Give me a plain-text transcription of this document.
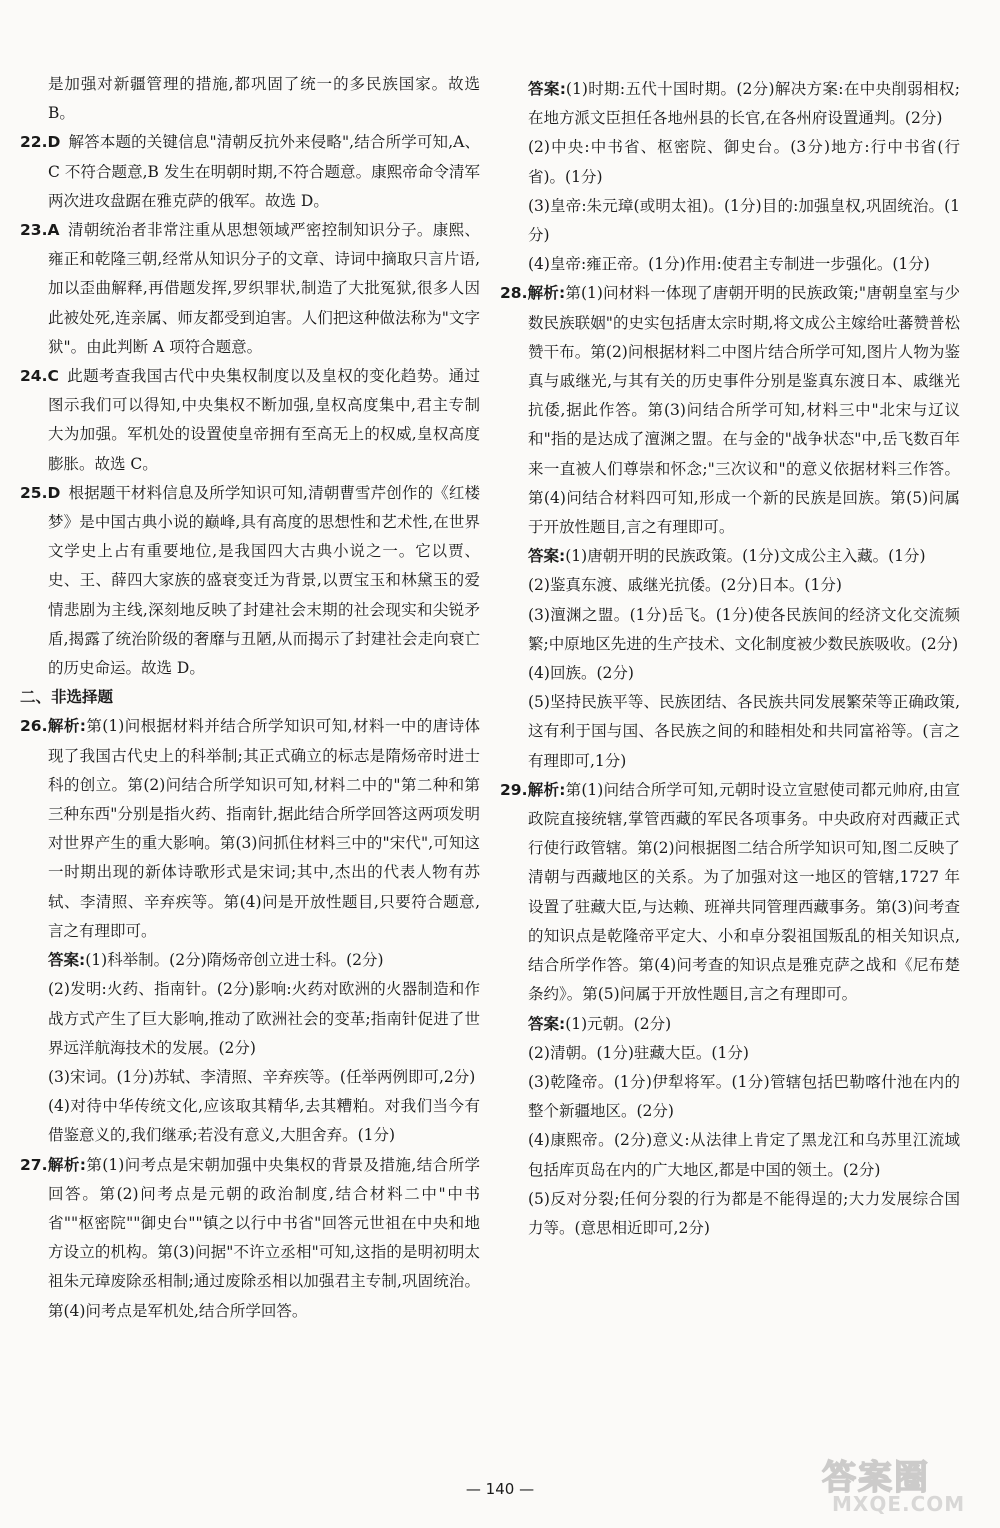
是加强对新疆管理的措施,都巩固了统一的多民族国家。故选 B。

22.D 解答本题的关键信息"清朝反抗外来侵略",结合所学可知,A、C 不符合题意,B 发生在明朝时期,不符合题意。康熙帝命令清军两次进攻盘踞在雅克萨的俄军。故选 D。

23.A 清朝统治者非常注重从思想领域严密控制知识分子。康熙、雍正和乾隆三朝,经常从知识分子的文章、诗词中摘取只言片语,加以歪曲解释,再借题发挥,罗织罪状,制造了大批冤狱,很多人因此被处死,连亲属、师友都受到迫害。人们把这种做法称为"文字狱"。由此判断 A 项符合题意。

24.C 此题考查我国古代中央集权制度以及皇权的变化趋势。通过图示我们可以得知,中央集权不断加强,皇权高度集中,君主专制大为加强。军机处的设置使皇帝拥有至高无上的权威,皇权高度膨胀。故选 C。

25.D 根据题干材料信息及所学知识可知,清朝曹雪芹创作的《红楼梦》是中国古典小说的巅峰,具有高度的思想性和艺术性,在世界文学史上占有重要地位,是我国四大古典小说之一。它以贾、史、王、薛四大家族的盛衰变迁为背景,以贾宝玉和林黛玉的爱情悲剧为主线,深刻地反映了封建社会末期的社会现实和尖锐矛盾,揭露了统治阶级的奢靡与丑陋,从而揭示了封建社会走向衰亡的历史命运。故选 D。

二、非选择题

26.解析:第(1)问根据材料并结合所学知识可知,材料一中的唐诗体现了我国古代史上的科举制;其正式确立的标志是隋炀帝时进士科的创立。第(2)问结合所学知识可知,材料二中的"第二种和第三种东西"分别是指火药、指南针,据此结合所学回答这两项发明对世界产生的重大影响。第(3)问抓住材料三中的"宋代",可知这一时期出现的新体诗歌形式是宋词;其中,杰出的代表人物有苏轼、李清照、辛弃疾等。第(4)问是开放性题目,只要符合题意,言之有理即可。

答案:(1)科举制。(2分)隋炀帝创立进士科。(2分)

(2)发明:火药、指南针。(2分)影响:火药对欧洲的火器制造和作战方式产生了巨大影响,推动了欧洲社会的变革;指南针促进了世界远洋航海技术的发展。(2分)

(3)宋词。(1分)苏轼、李清照、辛弃疾等。(任举两例即可,2分)

(4)对待中华传统文化,应该取其精华,去其糟粕。对我们当今有借鉴意义的,我们继承;若没有意义,大胆舍弃。(1分)

27.解析:第(1)问考点是宋朝加强中央集权的背景及措施,结合所学回答。第(2)问考点是元朝的政治制度,结合材料二中"中书省""枢密院""御史台""镇之以行中书省"回答元世祖在中央和地方设立的机构。第(3)问据"不许立丞相"可知,这指的是明初明太祖朱元璋废除丞相制;通过废除丞相以加强君主专制,巩固统治。第(4)问考点是军机处,结合所学回答。

答案:(1)时期:五代十国时期。(2分)解决方案:在中央削弱相权;在地方派文臣担任各地州县的长官,在各州府设置通判。(2分)

(2)中央:中书省、枢密院、御史台。(3分)地方:行中书省(行省)。(1分)

(3)皇帝:朱元璋(或明太祖)。(1分)目的:加强皇权,巩固统治。(1分)

(4)皇帝:雍正帝。(1分)作用:使君主专制进一步强化。(1分)

28.解析:第(1)问材料一体现了唐朝开明的民族政策;"唐朝皇室与少数民族联姻"的史实包括唐太宗时期,将文成公主嫁给吐蕃赞普松赞干布。第(2)问根据材料二中图片结合所学可知,图片人物为鉴真与戚继光,与其有关的历史事件分别是鉴真东渡日本、戚继光抗倭,据此作答。第(3)问结合所学可知,材料三中"北宋与辽议和"指的是达成了澶渊之盟。在与金的"战争状态"中,岳飞数百年来一直被人们尊崇和怀念;"三次议和"的意义依据材料三作答。第(4)问结合材料四可知,形成一个新的民族是回族。第(5)问属于开放性题目,言之有理即可。

答案:(1)唐朝开明的民族政策。(1分)文成公主入藏。(1分)

(2)鉴真东渡、戚继光抗倭。(2分)日本。(1分)

(3)澶渊之盟。(1分)岳飞。(1分)使各民族间的经济文化交流频繁;中原地区先进的生产技术、文化制度被少数民族吸收。(2分)

(4)回族。(2分)

(5)坚持民族平等、民族团结、各民族共同发展繁荣等正确政策,这有利于国与国、各民族之间的和睦相处和共同富裕等。(言之有理即可,1分)

29.解析:第(1)问结合所学可知,元朝时设立宣慰使司都元帅府,由宣政院直接统辖,掌管西藏的军民各项事务。中央政府对西藏正式行使行政管辖。第(2)问根据图二结合所学知识可知,图二反映了清朝与西藏地区的关系。为了加强对这一地区的管辖,1727 年设置了驻藏大臣,与达赖、班禅共同管理西藏事务。第(3)问考查的知识点是乾隆帝平定大、小和卓分裂祖国叛乱的相关知识点,结合所学作答。第(4)问考查的知识点是雅克萨之战和《尼布楚条约》。第(5)问属于开放性题目,言之有理即可。

答案:(1)元朝。(2分)

(2)清朝。(1分)驻藏大臣。(1分)

(3)乾隆帝。(1分)伊犁将军。(1分)管辖包括巴勒喀什池在内的整个新疆地区。(2分)

(4)康熙帝。(2分)意义:从法律上肯定了黑龙江和乌苏里江流域包括库页岛在内的广大地区,都是中国的领土。(2分)

(5)反对分裂;任何分裂的行为都是不能得逞的;大力发展综合国力等。(意思相近即可,2分)

— 140 —	答案圈
MXQE.COM
